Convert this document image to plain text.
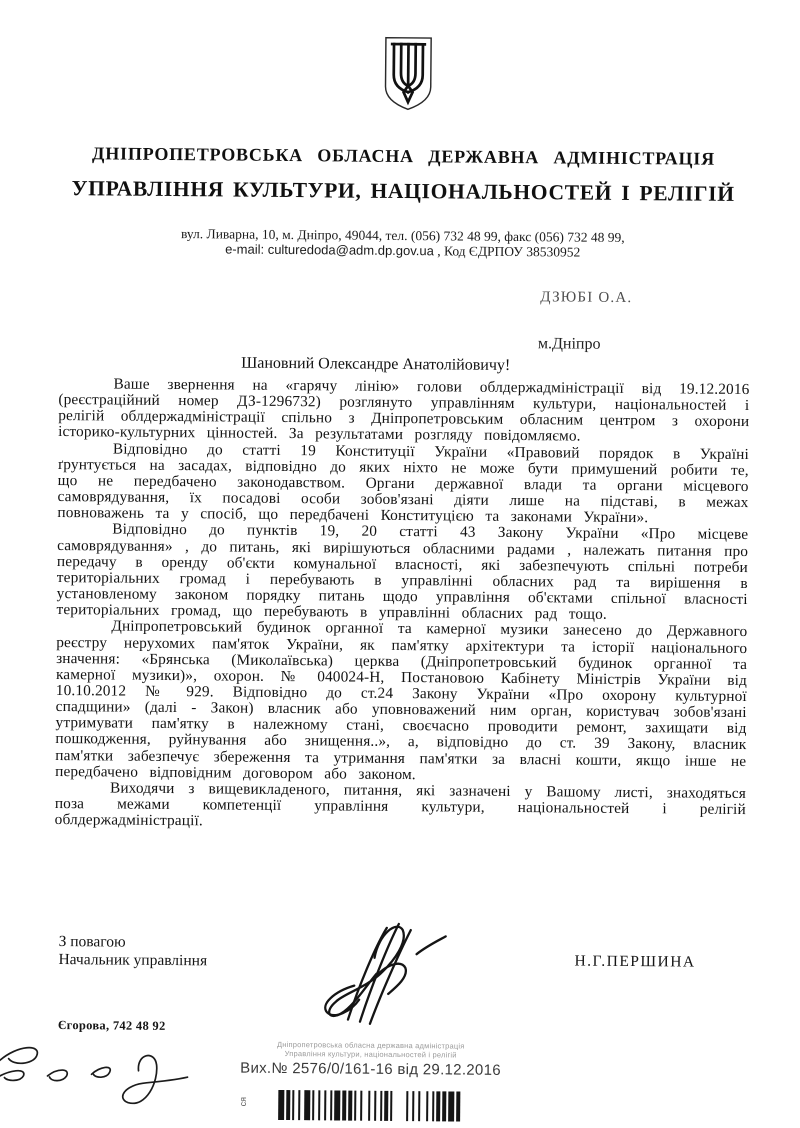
ДНІПРОПЕТРОВСЬКА ОБЛАСНА ДЕРЖАВНА АДМІНІСТРАЦІЯ
УПРАВЛІННЯ КУЛЬТУРИ, НАЦІОНАЛЬНОСТЕЙ І РЕЛІГІЙ
вул. Ливарна, 10, м. Дніпро, 49044, тел. (056) 732 48 99, факс (056) 732 48 99,
e-mail: culturedoda@adm.dp.gov.ua , Код ЄДРПОУ 38530952
ДЗЮБІ О.А.
м.Дніпро
Шановний Олександре Анатолійовичу!

Ваше звернення на «гарячу лінію» голови облдержадміністрації від 19.12.2016 (реєстраційний номер ДЗ-1296732) розглянуто управлінням культури, національностей і релігій облдержадміністрації спільно з Дніпропетровським обласним центром з охорони історико-культурних цінностей. За результатами розгляду повідомляємо.

Відповідно до статті 19 Конституції України «Правовий порядок в Україні ґрунтується на засадах, відповідно до яких ніхто не може бути примушений робити те, що не передбачено законодавством. Органи державної влади та органи місцевого самоврядування, їх посадові особи зобов'язані діяти лише на підставі, в межах повноважень та у спосіб, що передбачені Конституцією та законами України».

Відповідно до пунктів 19, 20 статті 43 Закону України «Про місцеве самоврядування» , до питань, які вирішуються обласними радами , належать питання про передачу в оренду об'єкти комунальної власності, які забезпечують спільні потреби територіальних громад і перебувають в управлінні обласних рад та вирішення в установленому законом порядку питань щодо управління об'єктами спільної власності територіальних громад, що перебувають в управлінні обласних рад тощо.

Дніпропетровський будинок органної та камерної музики занесено до Державного реєстру нерухомих пам'яток України, як пам'ятку архітектури та історії національного значення: «Брянська (Миколаївська) церква (Дніпропетровський будинок органної та камерної музики)», охорон. № 040024-Н, Постановою Кабінету Міністрів України від 10.10.2012 № 929. Відповідно до ст.24 Закону України «Про охорону культурної спадщини» (далі - Закон) власник або уповноважений ним орган, користувач зобов'язані утримувати пам'ятку в належному стані, своєчасно проводити ремонт, захищати від пошкодження, руйнування або знищення..», а, відповідно до ст. 39 Закону, власник пам'ятки забезпечує збереження та утримання пам'ятки за власні кошти, якщо інше не передбачено відповідним договором або законом.

Виходячи з вищевикладеного, питання, які зазначені у Вашому листі, знаходяться поза межами компетенції управління культури, національностей і релігій облдержадміністрації.

З повагою
Начальник управління	Н.Г.ПЕРШИНА
Єгорова, 742 48 92
Дніпропетровська обласна державна адміністрація
Управління культури, національностей і релігій
Вих.№ 2576/0/161-16 від 29.12.2016
ся
